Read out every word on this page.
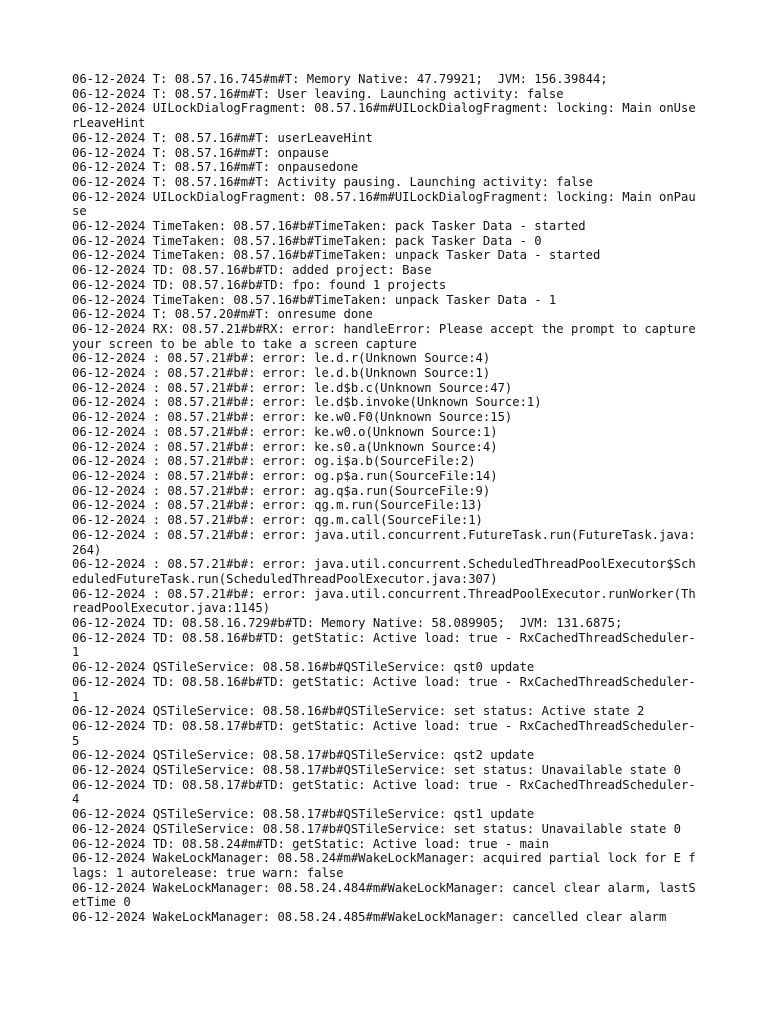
06-12-2024 T: 08.57.16.745#m#T: Memory Native: 47.79921;  JVM: 156.39844;
06-12-2024 T: 08.57.16#m#T: User leaving. Launching activity: false
06-12-2024 UILockDialogFragment: 08.57.16#m#UILockDialogFragment: locking: Main onUserLeaveHint
06-12-2024 T: 08.57.16#m#T: userLeaveHint
06-12-2024 T: 08.57.16#m#T: onpause
06-12-2024 T: 08.57.16#m#T: onpausedone
06-12-2024 T: 08.57.16#m#T: Activity pausing. Launching activity: false
06-12-2024 UILockDialogFragment: 08.57.16#m#UILockDialogFragment: locking: Main onPause
06-12-2024 TimeTaken: 08.57.16#b#TimeTaken: pack Tasker Data - started
06-12-2024 TimeTaken: 08.57.16#b#TimeTaken: pack Tasker Data - 0
06-12-2024 TimeTaken: 08.57.16#b#TimeTaken: unpack Tasker Data - started
06-12-2024 TD: 08.57.16#b#TD: added project: Base
06-12-2024 TD: 08.57.16#b#TD: fpo: found 1 projects
06-12-2024 TimeTaken: 08.57.16#b#TimeTaken: unpack Tasker Data - 1
06-12-2024 T: 08.57.20#m#T: onresume done
06-12-2024 RX: 08.57.21#b#RX: error: handleError: Please accept the prompt to capture your screen to be able to take a screen capture
06-12-2024 : 08.57.21#b#: error: le.d.r(Unknown Source:4)
06-12-2024 : 08.57.21#b#: error: le.d.b(Unknown Source:1)
06-12-2024 : 08.57.21#b#: error: le.d$b.c(Unknown Source:47)
06-12-2024 : 08.57.21#b#: error: le.d$b.invoke(Unknown Source:1)
06-12-2024 : 08.57.21#b#: error: ke.w0.F0(Unknown Source:15)
06-12-2024 : 08.57.21#b#: error: ke.w0.o(Unknown Source:1)
06-12-2024 : 08.57.21#b#: error: ke.s0.a(Unknown Source:4)
06-12-2024 : 08.57.21#b#: error: og.i$a.b(SourceFile:2)
06-12-2024 : 08.57.21#b#: error: og.p$a.run(SourceFile:14)
06-12-2024 : 08.57.21#b#: error: ag.q$a.run(SourceFile:9)
06-12-2024 : 08.57.21#b#: error: qg.m.run(SourceFile:13)
06-12-2024 : 08.57.21#b#: error: qg.m.call(SourceFile:1)
06-12-2024 : 08.57.21#b#: error: java.util.concurrent.FutureTask.run(FutureTask.java:264)
06-12-2024 : 08.57.21#b#: error: java.util.concurrent.ScheduledThreadPoolExecutor$ScheduledFutureTask.run(ScheduledThreadPoolExecutor.java:307)
06-12-2024 : 08.57.21#b#: error: java.util.concurrent.ThreadPoolExecutor.runWorker(ThreadPoolExecutor.java:1145)
06-12-2024 TD: 08.58.16.729#b#TD: Memory Native: 58.089905;  JVM: 131.6875;
06-12-2024 TD: 08.58.16#b#TD: getStatic: Active load: true - RxCachedThreadScheduler-1
06-12-2024 QSTileService: 08.58.16#b#QSTileService: qst0 update
06-12-2024 TD: 08.58.16#b#TD: getStatic: Active load: true - RxCachedThreadScheduler-1
06-12-2024 QSTileService: 08.58.16#b#QSTileService: set status: Active state 2
06-12-2024 TD: 08.58.17#b#TD: getStatic: Active load: true - RxCachedThreadScheduler-5
06-12-2024 QSTileService: 08.58.17#b#QSTileService: qst2 update
06-12-2024 QSTileService: 08.58.17#b#QSTileService: set status: Unavailable state 0
06-12-2024 TD: 08.58.17#b#TD: getStatic: Active load: true - RxCachedThreadScheduler-4
06-12-2024 QSTileService: 08.58.17#b#QSTileService: qst1 update
06-12-2024 QSTileService: 08.58.17#b#QSTileService: set status: Unavailable state 0
06-12-2024 TD: 08.58.24#m#TD: getStatic: Active load: true - main
06-12-2024 WakeLockManager: 08.58.24#m#WakeLockManager: acquired partial lock for E flags: 1 autorelease: true warn: false
06-12-2024 WakeLockManager: 08.58.24.484#m#WakeLockManager: cancel clear alarm, lastSetTime 0
06-12-2024 WakeLockManager: 08.58.24.485#m#WakeLockManager: cancelled clear alarm
